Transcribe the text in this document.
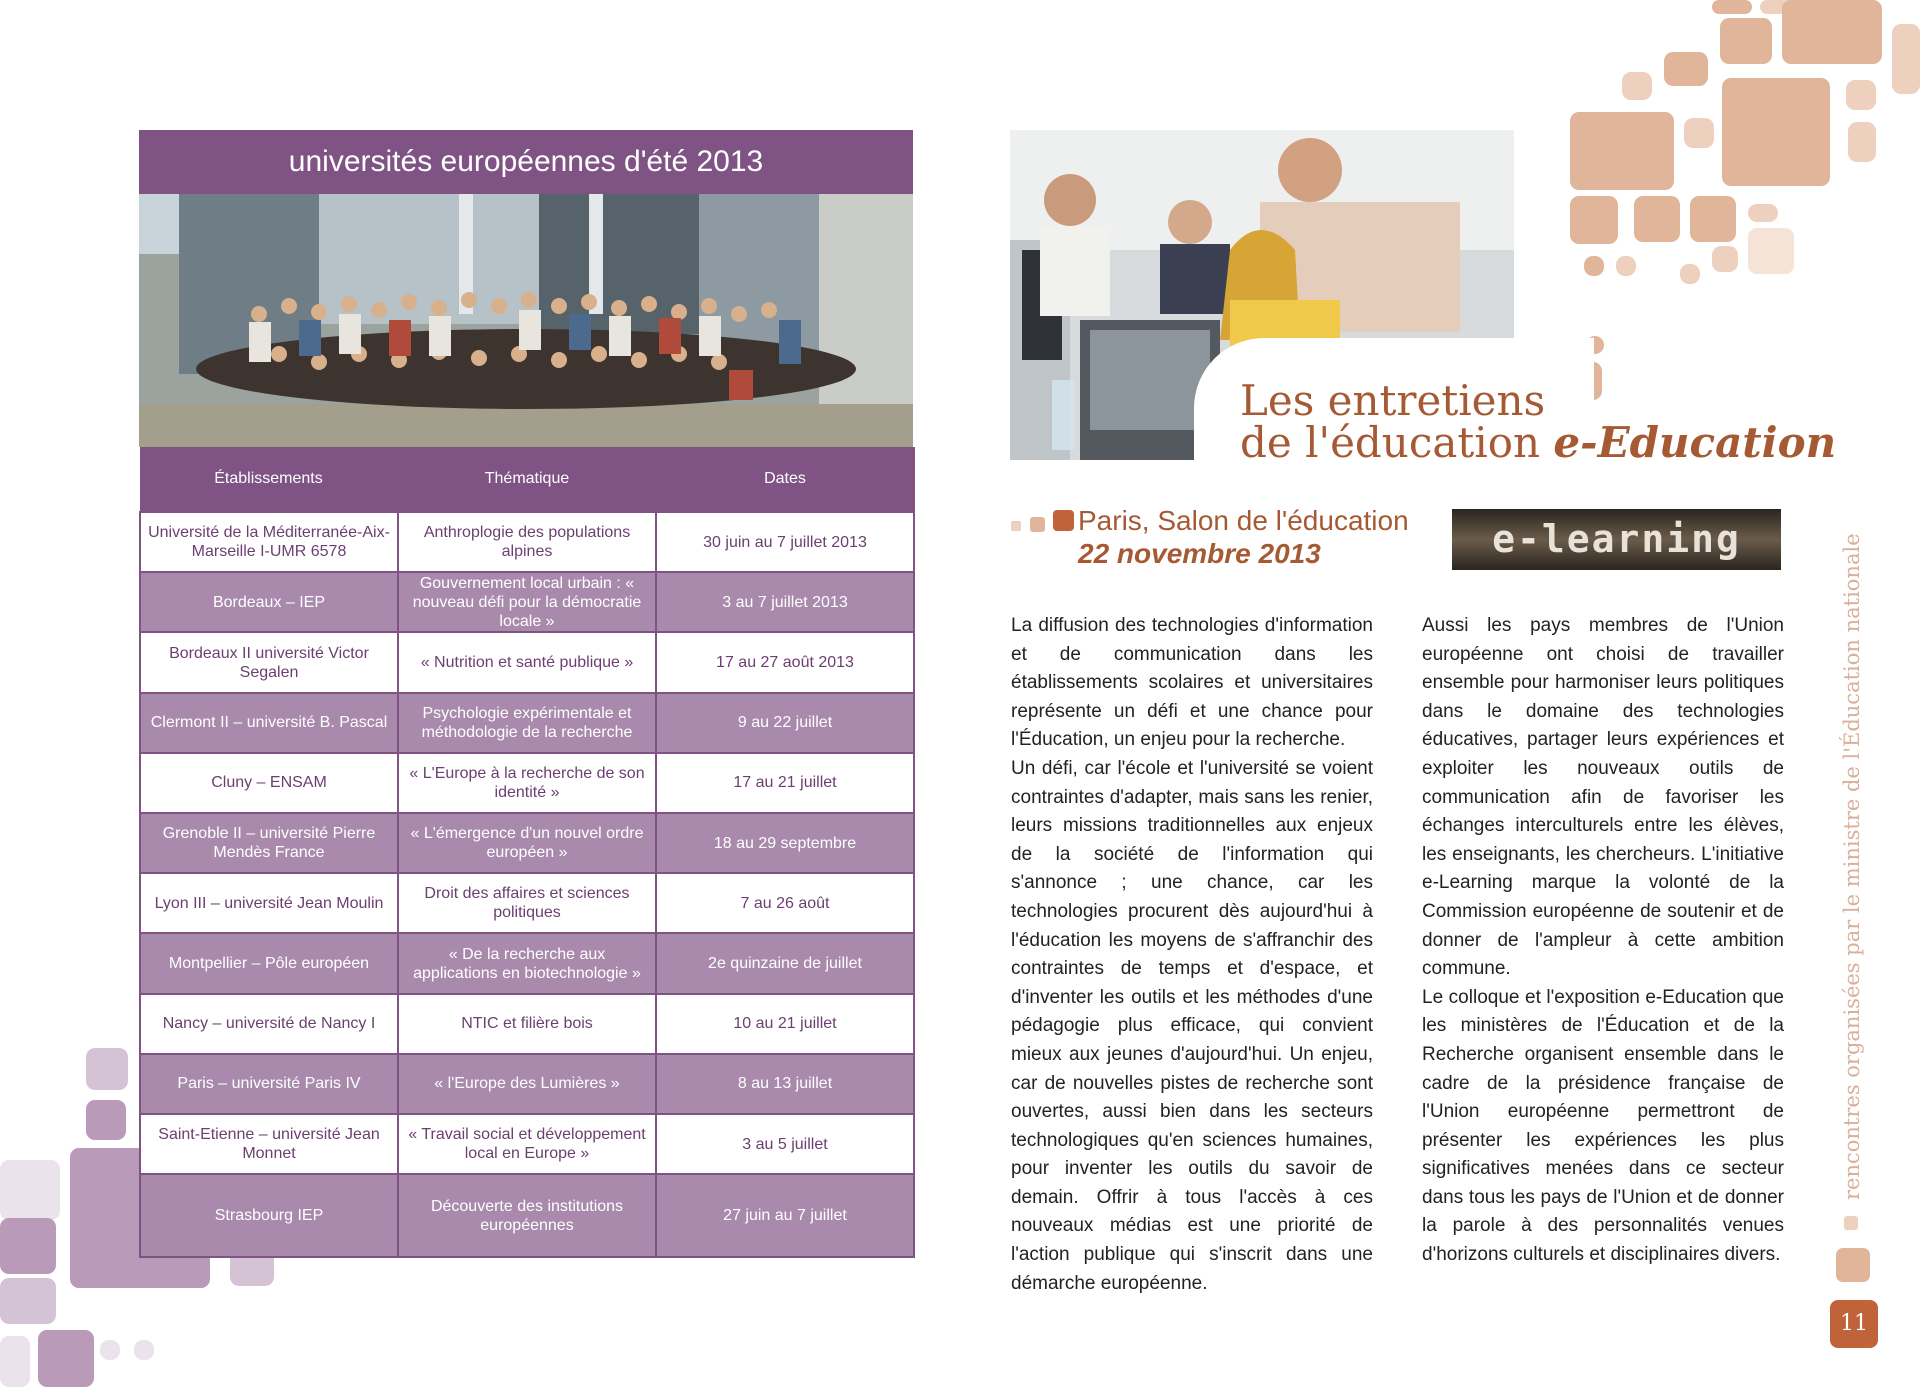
universités européennes d'été 2013
Établissements	Thématique	Dates
Université de la Méditerranée-Aix-Marseille I-UMR 6578	Anthroplogie des populations alpines	30 juin au 7 juillet 2013
Bordeaux – IEP	Gouvernement local urbain : « nouveau défi pour la démocratie locale »	3 au 7 juillet 2013
Bordeaux II université Victor Segalen	« Nutrition et santé publique »	17 au 27 août 2013
Clermont II – université B. Pascal	Psychologie expérimentale et méthodologie de la recherche	9 au 22 juillet
Cluny – ENSAM	« L'Europe à la recherche de son identité »	17 au 21 juillet
Grenoble II – université Pierre Mendès France	« L'émergence d'un nouvel ordre européen »	18 au 29 septembre
Lyon III – université Jean Moulin	Droit des affaires et sciences politiques	7 au 26 août
Montpellier – Pôle européen	« De la recherche aux applications en biotechnologie »	2e quinzaine de juillet
Nancy – université de Nancy I	NTIC et filière bois	10 au 21 juillet
Paris – université Paris IV	« l'Europe des Lumières »	8 au 13 juillet
Saint-Etienne – université Jean Monnet	« Travail social et développement local en Europe »	3 au 5 juillet
Strasbourg IEP	Découverte des institutions européennes	27 juin au 7 juillet
Les entretiens
de l'éducation e-Education
Paris, Salon de l'éducation
22 novembre 2013	e-learning

La diffusion des technologies d'information et de communication dans les établissements scolaires et universitaires représente un défi et une chance pour l'Éducation, un enjeu pour la recherche.

Un défi, car l'école et l'université se voient contraintes d'adapter, mais sans les renier, leurs missions traditionnelles aux enjeux de la société de l'information qui s'annonce ; une chance, car les technologies procurent dès aujourd'hui à l'éducation les moyens de s'affranchir des contraintes de temps et d'espace, et d'inventer les outils et les méthodes d'une pédagogie plus efficace, qui convient mieux aux jeunes d'aujourd'hui. Un enjeu, car de nouvelles pistes de recherche sont ouvertes, aussi bien dans les secteurs technologiques qu'en sciences humaines, pour inventer les outils du savoir de demain. Offrir à tous l'accès à ces nouveaux médias est une priorité de l'action publique qui s'inscrit dans une démarche européenne.

Aussi les pays membres de l'Union européenne ont choisi de travailler ensemble pour harmoniser leurs politiques dans le domaine des technologies éducatives, partager leurs expériences et exploiter les nouveaux outils de communication afin de favoriser les échanges interculturels entre les élèves, les enseignants, les chercheurs. L'initiative e-Learning marque la volonté de la Commission européenne de soutenir et de donner de l'ampleur à cette ambition commune.

Le colloque et l'exposition e-Education que les ministères de l'Éducation et de la Recherche organisent ensemble dans le cadre de la présidence française de l'Union européenne permettront de présenter les expériences les plus significatives menées dans ce secteur dans tous les pays de l'Union et de donner la parole à des personnalités venues d'horizons culturels et disciplinaires divers.

rencontres organisées par le ministre de l'Éducation nationale
11
